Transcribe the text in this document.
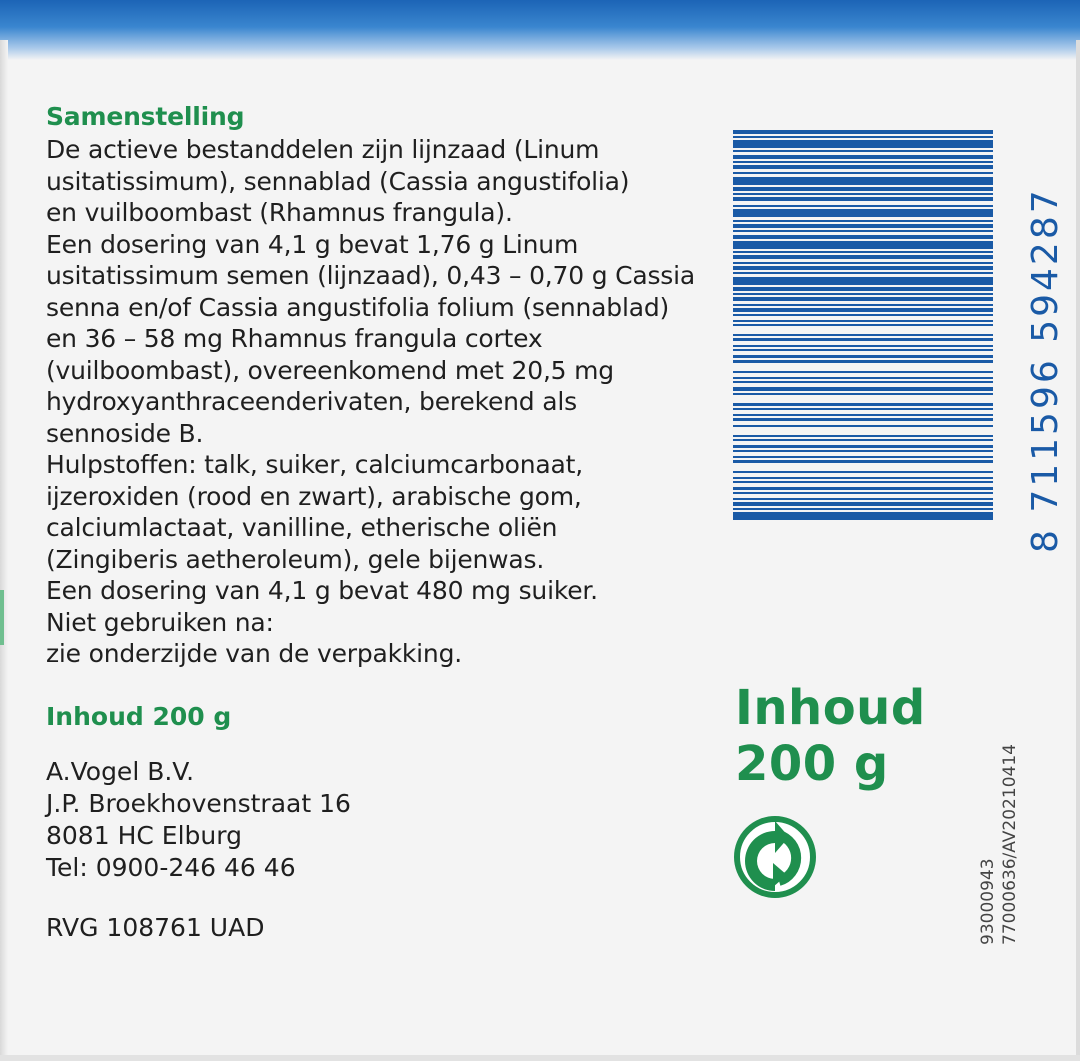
Samenstelling
De actieve bestanddelen zijn lijnzaad (Linum
usitatissimum), sennablad (Cassia angustifolia)
en vuilboombast (Rhamnus frangula).
Een dosering van 4,1 g bevat 1,76 g Linum
usitatissimum semen (lijnzaad), 0,43 – 0,70 g Cassia
senna en/of Cassia angustifolia folium (sennablad)
en 36 – 58 mg Rhamnus frangula cortex
(vuilboombast), overeenkomend met 20,5 mg
hydroxyanthraceenderivaten, berekend als
sennoside B.
Hulpstoffen: talk, suiker, calciumcarbonaat,
ijzeroxiden (rood en zwart), arabische gom,
calciumlactaat, vanilline, etherische oliën
(Zingiberis aetheroleum), gele bijenwas.
Een dosering van 4,1 g bevat 480 mg suiker.
Niet gebruiken na:
zie onderzijde van de verpakking.
Inhoud 200 g
A.Vogel B.V.
J.P. Broekhovenstraat 16
8081 HC Elburg
Tel: 0900-246 46 46
RVG 108761 UAD
8 711596 594287
Inhoud
200 g
93000943 77000636/AV20210414
